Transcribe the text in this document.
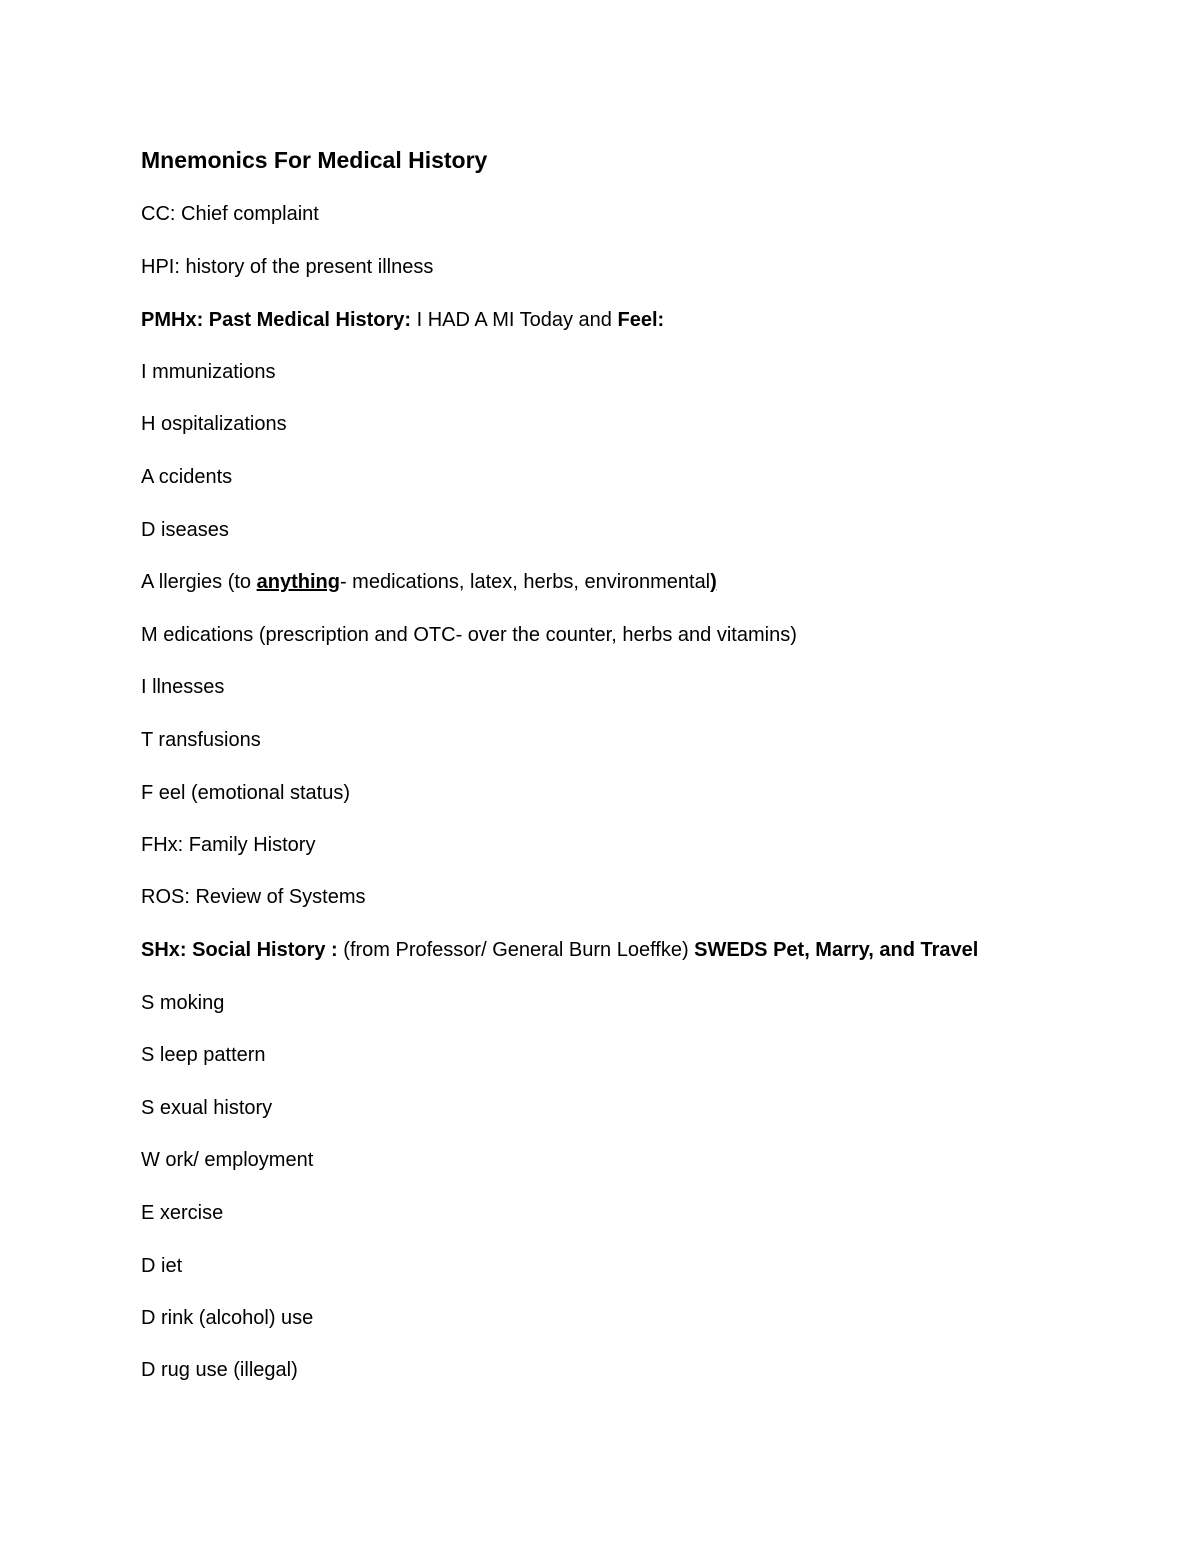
Mnemonics For Medical History
CC: Chief complaint
HPI: history of the present illness
PMHx: Past Medical History: I HAD A MI Today and Feel:
I mmunizations
H ospitalizations
A ccidents
D iseases
A llergies (to anything- medications, latex, herbs, environmental)
M edications (prescription and OTC- over the counter, herbs and vitamins)
I llnesses
T ransfusions
F eel (emotional status)
FHx: Family History
ROS: Review of Systems
SHx: Social History : (from Professor/ General Burn Loeffke) SWEDS Pet, Marry, and Travel
S moking
S leep pattern
S exual history
W ork/ employment
E xercise
D iet
D rink (alcohol) use
D rug use (illegal)
